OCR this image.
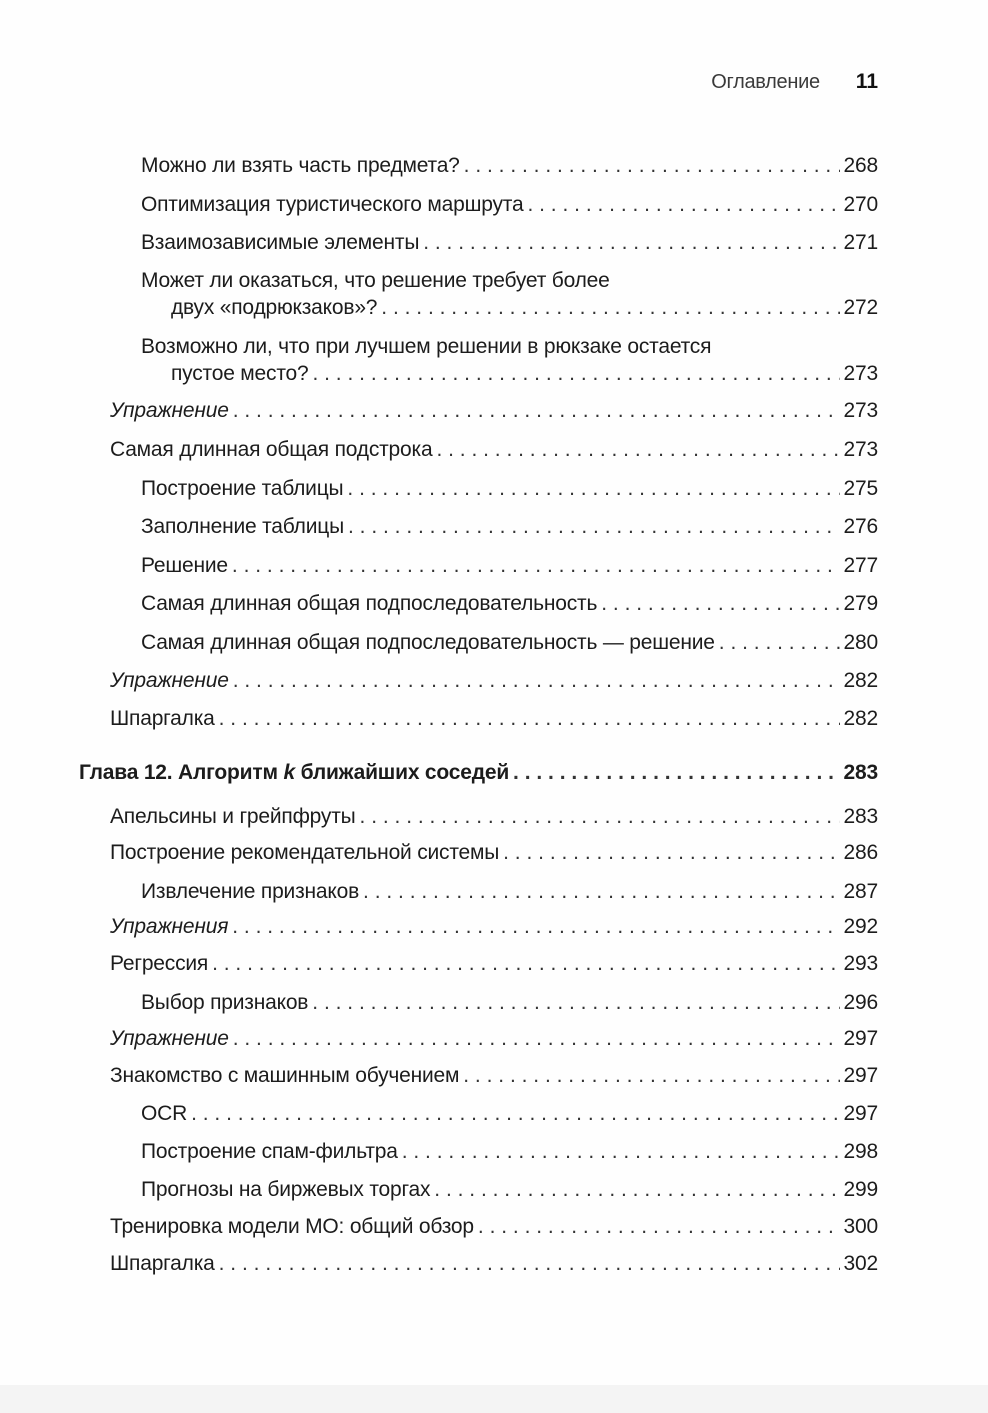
Оглавление 11
Можно ли взять часть предмета? . . .	268
Оптимизация туристического маршрута . . .	270
Взаимозависимые элементы . . .	271
Может ли оказаться, что решение требует более
двух «подрюкзаков»? . . .	272
Возможно ли, что при лучшем решении в рюкзаке остается
пустое место? . . .	273
Упражнение . . .	273
Самая длинная общая подстрока . . .	273
Построение таблицы . . .	275
Заполнение таблицы . . .	276
Решение . . .	277
Самая длинная общая подпоследовательность . . .	279
Самая длинная общая подпоследовательность — решение . . .	280
Упражнение . . .	282
Шпаргалка . . .	282
Глава 12. Алгоритм k ближайших соседей . . .	283
Апельсины и грейпфруты . . .	283
Построение рекомендательной системы . . .	286
Извлечение признаков . . .	287
Упражнения . . .	292
Регрессия . . .	293
Выбор признаков . . .	296
Упражнение . . .	297
Знакомство с машинным обучением . . .	297
OCR . . .	297
Построение спам-фильтра . . .	298
Прогнозы на биржевых торгах . . .	299
Тренировка модели МО: общий обзор . . .	300
Шпаргалка . . .	302
